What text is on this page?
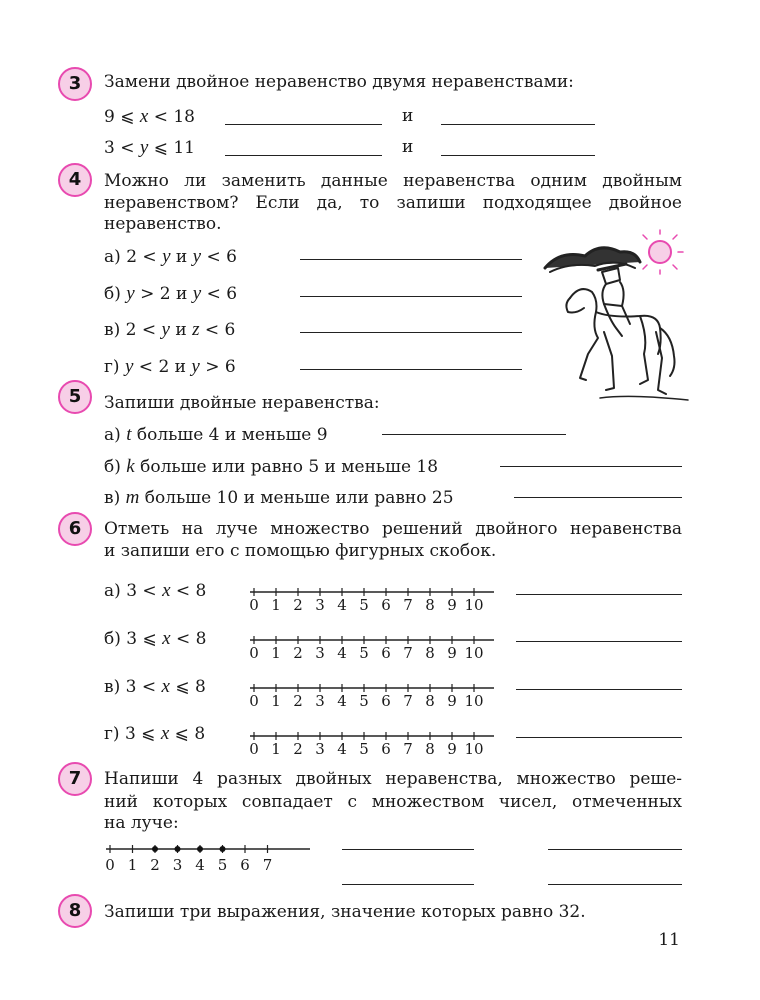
3	Замени двойное неравенство двумя неравенствами:
9 ⩽ x < 18	и
3 < y ⩽ 11	и
4	Можно ли заменить данные неравенства одним двойным
неравенством? Если да, то запиши подходящее двойное
неравенство.
а) 2 < y и y < 6
б) y > 2 и y < 6
в) 2 < y и z < 6
г) y < 2 и y > 6
5	Запиши двойные неравенства:
а) t больше 4 и меньше 9
б) k больше или равно 5 и меньше 18
в) m больше 10 и меньше или равно 25
6	Отметь на луче множество решений двойного неравенства
и запиши его с помощью фигурных скобок.
а) 3 < x < 8
0 1 2 3 4 5 6 7 8 9 10
б) 3 ⩽ x < 8
0 1 2 3 4 5 6 7 8 9 10
в) 3 < x ⩽ 8
0 1 2 3 4 5 6 7 8 9 10
г) 3 ⩽ x ⩽ 8
0 1 2 3 4 5 6 7 8 9 10
7	Напиши 4 разных двойных неравенства, множество реше-
ний которых совпадает с множеством чисел, отмеченных
на луче:
0 1 2 3 4 5 6 7
8	Запиши три выражения, значение которых равно 32.
11
